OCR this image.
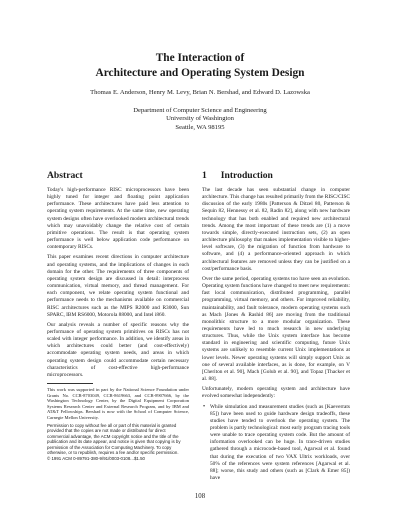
The Interaction of
Architecture and Operating System Design
Thomas E. Anderson, Henry M. Levy, Brian N. Bershad, and Edward D. Lazowska
Department of Computer Science and Engineering
University of Washington
Seattle, WA 98195
Abstract

Today's high-performance RISC microprocessors have been highly tuned for integer and floating point application performance. These architectures have paid less attention to operating system requirements. At the same time, new operating system designs often have overlooked modern architectural trends which may unavoidably change the relative cost of certain primitive operations. The result is that operating system performance is well below application code performance on contemporary RISCs.

This paper examines recent directions in computer architecture and operating systems, and the implications of changes in each domain for the other. The requirements of three components of operating system design are discussed in detail: interprocess communication, virtual memory, and thread management. For each component, we relate operating system functional and performance needs to the mechanisms available on commercial RISC architectures such as the MIPS R2000 and R3000, Sun SPARC, IBM RS6000, Motorola 88000, and Intel i860.

Our analysis reveals a number of specific reasons why the performance of operating system primitives on RISCs has not scaled with integer performance. In addition, we identify areas in which architectures could better (and cost-effectively) accommodate operating system needs, and areas in which operating system design could accommodate certain necessary characteristics of cost-effective high-performance microprocessors.

This work was supported in part by the National Science Foundation under Grants No. CCR-8703049, CCR-8619663, and CCR-8907666, by the Washington Technology Center, by the Digital Equipment Corporation Systems Research Center and External Research Program, and by IBM and AT&T Fellowships. Bershad is now with the School of Computer Science, Carnegie Mellon University.

Permission to copy without fee all or part of this material is granted provided that the copies are not made or distributed for direct commercial advantage, the ACM copyright notice and the title of the publication and its date appear, and notice is given that copying is by permission of the Association for Computing Machinery. To copy otherwise, or to republish, requires a fee and/or specific permission.
© 1991 ACM 0-89791-380-9/91/0003-0108...$1.50

1 Introduction

The last decade has seen substantial change in computer architecture. This change has resulted primarily from the RISC/CISC discussion of the early 1980s [Patterson & Ditzel 80, Patterson & Sequin 82, Hennessy et al. 82, Radin 82], along with new hardware technology that has both enabled and required new architectural trends. Among the most important of these trends are (1) a move towards simple, directly-executed instruction sets, (2) an open architecture philosophy that makes implementation visible to higher-level software, (3) the migration of function from hardware to software, and (4) a performance-oriented approach in which architectural features are removed unless they can be justified on a cost/performance basis.

Over the same period, operating systems too have seen an evolution. Operating system functions have changed to meet new requirements: fast local communication, distributed programming, parallel programming, virtual memory, and others. For improved reliability, maintainability, and fault tolerance, modern operating systems such as Mach [Jones & Rashid 86] are moving from the traditional monolithic structure to a more modular organization. These requirements have led to much research in new underlying structures. Thus, while the Unix system interface has become standard in engineering and scientific computing, future Unix systems are unlikely to resemble current Unix implementations at lower levels. Newer operating systems will simply support Unix as one of several available interfaces, as is done, for example, on V [Cheriton et al. 90], Mach [Golub et al. 90], and Topaz [Thacker et al. 88].

Unfortunately, modern operating system and architecture have evolved somewhat independently:

• While simulation and measurement studies (such as [Kaeverrats 85]) have been used to guide hardware design tradeoffs, these studies have tended to overlook the operating system. The problem is partly technological: most early program tracing tools were unable to trace operating system code. But the amount of information overlooked can be huge. In trace-driven studies gathered through a microcode-based tool, Agarwal et al. found that during the execution of two VAX Ultrix workloads, over 50% of the references were system references [Agarwal et al. 88]; worse, this study and others (such as [Clark & Emer 85]) have

108
